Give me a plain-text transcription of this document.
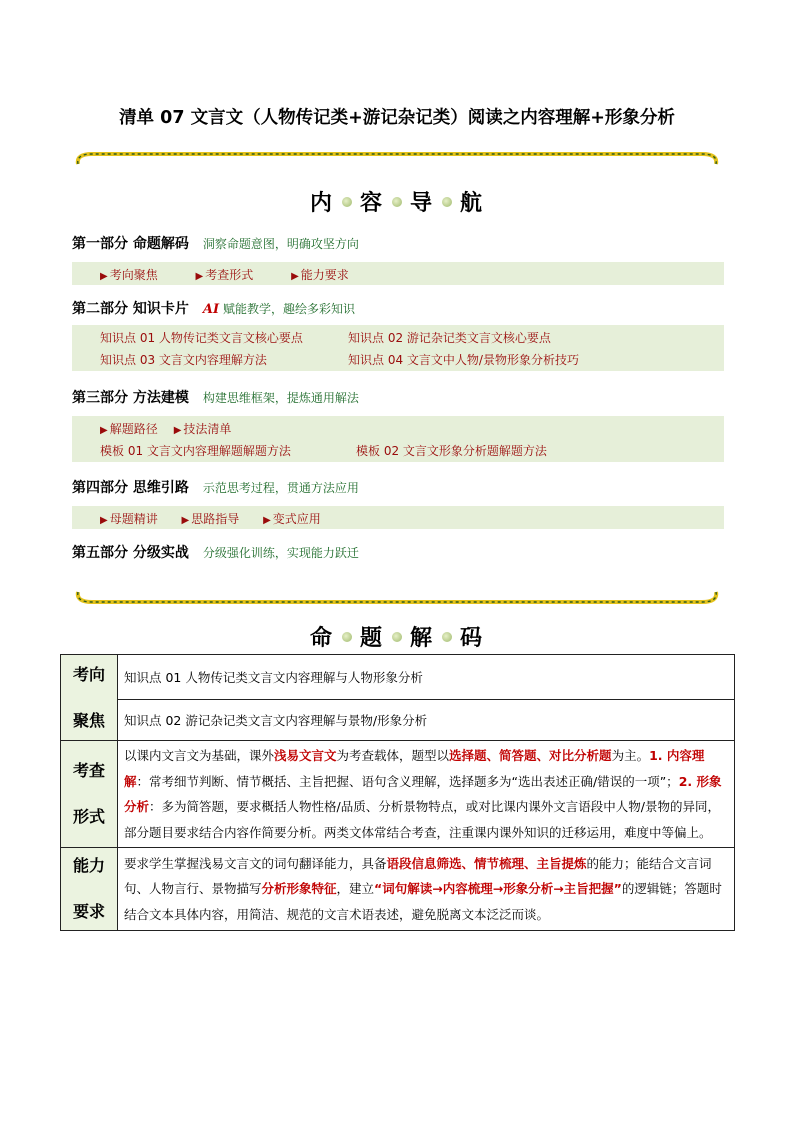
清单 07 文言文（人物传记类+游记杂记类）阅读之内容理解+形象分析
内 容 导 航
第一部分 命题解码 洞察命题意图，明确攻坚方向
▶ 考向聚焦	▶ 考查形式	▶ 能力要求
第二部分 知识卡片 AI 赋能教学，趣绘多彩知识
知识点 01 人物传记类文言文核心要点	知识点 02 游记杂记类文言文核心要点
知识点 03 文言文内容理解方法	知识点 04 文言文中人物/景物形象分析技巧
第三部分 方法建模 构建思维框架，提炼通用解法
▶ 解题路径 ▶ 技法清单
模板 01 文言文内容理解题解题方法	模板 02 文言文形象分析题解题方法
第四部分 思维引路 示范思考过程，贯通方法应用
▶ 母题精讲 ▶ 思路指导 ▶ 变式应用
第五部分 分级实战 分级强化训练，实现能力跃迁
命 题 解 码
考向
聚焦	知识点 01 人物传记类文言文内容理解与人物形象分析
	知识点 02 游记杂记类文言文内容理解与景物/形象分析

考查
形式	以课内文言文为基础，课外浅易文言文为考查载体，题型以选择题、简答题、对比分析题为主。1. 内容理解：常考细节判断、情节概括、主旨把握、语句含义理解，选择题多为“选出表述正确/错误的一项”；2. 形象分析：多为简答题，要求概括人物性格/品质、分析景物特点，或对比课内课外文言语段中人物/景物的异同，部分题目要求结合内容作简要分析。两类文体常结合考查，注重课内课外知识的迁移运用，难度中等偏上。

能力
要求	要求学生掌握浅易文言文的词句翻译能力，具备语段信息筛选、情节梳理、主旨提炼的能力；能结合文言词句、人物言行、景物描写分析形象特征，建立“词句解读→内容梳理→形象分析→主旨把握”的逻辑链；答题时结合文本具体内容，用简洁、规范的文言术语表述，避免脱离文本泛泛而谈。
